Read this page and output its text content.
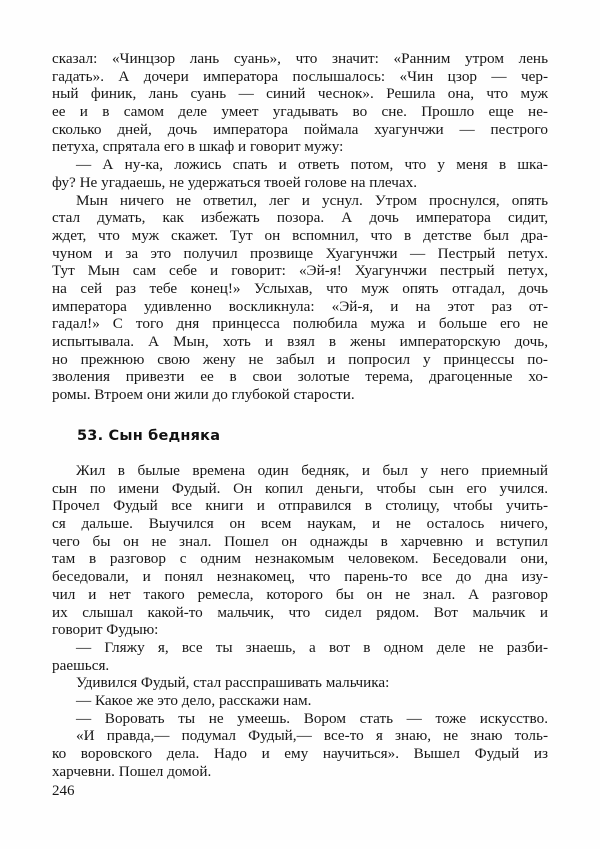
сказал: «Чинцзор лань суань», что значит: «Ранним утром лень
гадать». А дочери императора послышалось: «Чин цзор — чер-
ный финик, лань суань — синий чеснок». Решила она, что муж
ее и в самом деле умеет угадывать во сне. Прошло еще не-
сколько дней, дочь императора поймала хуагунчжи — пестрого
петуха, спрятала его в шкаф и говорит мужу:
— А ну-ка, ложись спать и ответь потом, что у меня в шка-
фу? Не угадаешь, не удержаться твоей голове на плечах.
Мын ничего не ответил, лег и уснул. Утром проснулся, опять
стал думать, как избежать позора. А дочь императора сидит,
ждет, что муж скажет. Тут он вспомнил, что в детстве был дра-
чуном и за это получил прозвище Хуагунчжи — Пестрый петух.
Тут Мын сам себе и говорит: «Эй-я! Хуагунчжи пестрый петух,
на сей раз тебе конец!» Услыхав, что муж опять отгадал, дочь
императора удивленно воскликнула: «Эй-я, и на этот раз от-
гадал!» С того дня принцесса полюбила мужа и больше его не
испытывала. А Мын, хоть и взял в жены императорскую дочь,
но прежнюю свою жену не забыл и попросил у принцессы по-
зволения привезти ее в свои золотые терема, драгоценные хо-
ромы. Втроем они жили до глубокой старости.
53. Сын бедняка
Жил в былые времена один бедняк, и был у него приемный
сын по имени Фудый. Он копил деньги, чтобы сын его учился.
Прочел Фудый все книги и отправился в столицу, чтобы учить-
ся дальше. Выучился он всем наукам, и не осталось ничего,
чего бы он не знал. Пошел он однажды в харчевню и вступил
там в разговор с одним незнакомым человеком. Беседовали они,
беседовали, и понял незнакомец, что парень-то все до дна изу-
чил и нет такого ремесла, которого бы он не знал. А разговор
их слышал какой-то мальчик, что сидел рядом. Вот мальчик и
говорит Фудыю:
— Гляжу я, все ты знаешь, а вот в одном деле не разби-
раешься.
Удивился Фудый, стал расспрашивать мальчика:
— Какое же это дело, расскажи нам.
— Воровать ты не умеешь. Вором стать — тоже искусство.
«И правда,— подумал Фудый,— все-то я знаю, не знаю толь-
ко воровского дела. Надо и ему научиться». Вышел Фудый из
харчевни. Пошел домой.
246
